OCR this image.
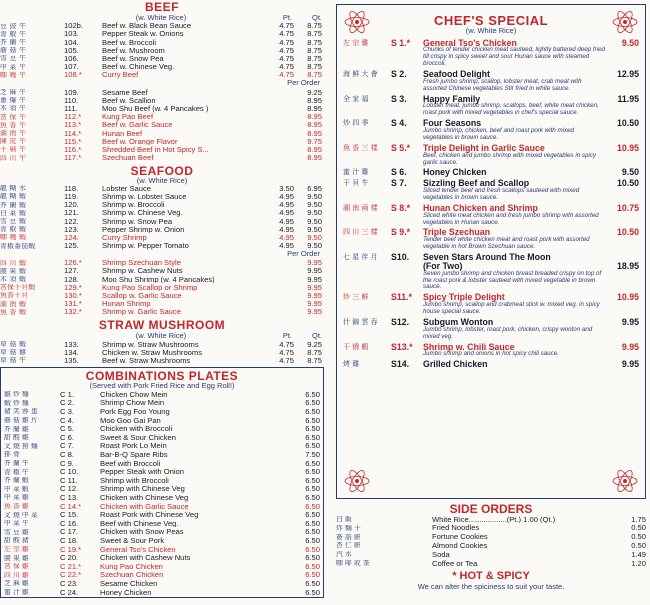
BEEF
(w. White Rice)	Pt.	Qt.
豆 豉 牛	102b.	Beef w. Black Bean Sauce	4.75	8.75
青 椒 牛	103.	Pepper Steak w. Onions	4.75	8.75
芥 蘭 牛	104.	Beef w. Broccoli	4.75	8.75
蘑 菇 牛	105.	Beef w. Mushroom	4.75	8.75
雪 豆 牛	106.	Beef w. Snow Pea	4.75	8.75
中 菜 牛	107.	Beef w. Chinese Veg.	4.75	8.75
咖 喱 牛	108.*	Curry Beef	4.75	8.75
Per Order
芝 麻 牛	109.	Sesame Beef	9.25
蔥 爆 牛	110.	Beef w. Scallion	8.95
木 須 牛	111.	Moo Shu Beef (w. 4 Pancakes )	8.95
宮 保 牛	112.*	Kung Pao Beef	8.95
魚 香 牛	113.*	Beef w. Garlic Sauce	8.95
湖 南 牛	114.*	Hunan Beef	8.95
陳 皮 牛	115.*	Beef w. Orange Flavor	9.75
干 扁 牛	116.*	Shredded Beef in Hot Spicy S...	8.95
四 川 牛	117.*	Szechuan Beef	8.95
SEAFOOD
(w. White Rice)
龍 糊 水	118.	Lobster Sauce	3.50	6.95
龍 糊 蝦	119.	Shrimp w. Lobster Sauce	4.95	9.50
芥 蘭 蝦	120.	Shrimp w. Broccoli	4.95	9.50
白 菜 蝦	121.	Shrimp w. Chinese Veg.	4.95	9.50
雪 豆 蝦	122.	Shrimp w. Snow Pea	4.95	9.50
青 椒 蝦	123.	Pepper Shrimp w. Onion	4.95	9.50
咖 喱 蝦	124.	Curry Shrimp	4.95	9.50
青椒番茄蝦	125.	Shrimp w. Pepper Tomato	4.95	9.50
Per Order
四 川 蝦	126.*	Shrimp Szechuan Style	9.95
腰 果 蝦	127.	Shrimp w. Cashew Nuts	9.95
木 須 蝦	128.	Moo Shu Shrimp (w. 4 Pancakes)	9.95
宮保干貝蝦	129.*	Kung Pao Scallop or Shrimp	9.95
魚香干貝	130.*	Scallop w. Garlic Sauce	9.95
湖 南 蝦	131.*	Hunan Shrimp	9.95
魚 香 蝦	132.*	Shrimp w. Garlic Sauce	9.95
STRAW MUSHROOM
(w. White Rice)	Pt.	Qt.
草 菇 蝦	133.	Shrimp w. Straw Mushrooms	4.75	9.25
草 菇 雞	134.	Chicken w. Straw Mushrooms	4.75	8.75
草 菇 牛	135.	Beef w. Straw Mushrooms	4.75	8.75
COMBINATIONS PLATES
(Served with Pork Fried Rice and Egg Roll!)
雞 炒 麵	C 1.	Chicken Chow Mein	6.50
蝦 炒 麵	C 2.	Shrimp Chow Mein	6.50
豬 芙 蓉 蛋	C 3.	Pork Egg Foo Young	6.50
蘑 菇 雞 片	C 4.	Moo Goo Gai Pan	6.50
芥 蘭 雞	C 5.	Chicken with Broccoli	6.50
甜 酸 雞	C 6.	Sweet & Sour Chicken	6.50
叉 燒 撈 麵	C 7.	Roast Pork Lo Mein	6.50
排 骨	C 8.	Bar-B-Q Spare Ribs	7.50
芥 蘭 牛	C 9.	Beef with Broccoli	6.50
青 椒 牛	C 10.	Pepper Steak with Onion	6.50
芥 蘭 蝦	C 11.	Shrimp with Broccoli	6.50
中 菜 蝦	C 12.	Shrimp with Chinese Veg	6.50
中 菜 雞	C 13.	Chicken with Chinese Veg	6.50
魚 香 雞	C 14.*	Chicken with Garlic Sauce	6.50
叉 燒 中 菜	C 15.	Roast Pork with Chinese Veg	6.50
中 菜 牛	C 16.	Beef with Chinese Veg.	6.50
雪 豆 雞	C 17.	Chicken with Snow Peas	6.50
甜 酸 豬	C 18.	Sweet & Sour Pork	6.50
左 宗 雞	C 19.*	General Tso's Chicken	6.50
腰 果 雞	C 20.	Chicken with Cashew Nuts	6.50
宮 保 雞	C 21.*	Kung Pao Chicken	6.50
四 川 雞	C 22.*	Szechuan Chicken	6.50
芝 麻 雞	C 23.	Sesame Chicken	6.50
蜜 汁 雞	C 24.	Honey Chicken	6.50
CHEF'S SPECIAL
(w. White Rice)
左 宗 雞	S 1.*	General Tso's Chicken	9.50
Chunks of tender chicken meat sauteed, lightly battered deep fried till crispy in spicy sweet and sour Hunan sauce with steamed broccoli.
海 鮮 大 會	S 2.	Seafood Delight	12.95
Fresh jumbo shrimp, scallop, lobster meat, crab meat with assorted Chinese vegetables Stir fried in white sauce.
全 家 福	S 3.	Happy Family	11.95
Lobster meat, jumbo shrimp, scallops, beef, white meat chicken, roast pork with mixed vegetables in chef's special sauce.
炒 四 季	S 4.	Four Seasons	10.50
Jumbo shrimp, chicken, beef and roast pork with mixed vegetables in brown sauce.
魚 香 三 樣	S 5.*	Triple Delight in Garlic Sauce	10.95
Beef, chicken and jumbo shrimp with mixed vegetables in spicy garlic sauce.
蜜 汁 雞	S 6.	Honey Chicken	9.50
干 貝 牛	S 7.	Sizzling Beef and Scallop	10.50
Sliced tender beef and fresh scallops sauteed with mixed vegetables in brown sauce.
湖 南 兩 樣	S 8.*	Hunan Chicken and Shrimp	10.75
Sliced white meat chicken and fresh jumbo shrimp with assorted vegetables in Hunan sauce.
四 川 三 樣	S 9.*	Triple Szechuan	10.50
Tender beef white chicken meat and roast pork with assorted vegetable in hot Brown Szechuan sauce.
七 星 伴 月	S10.	Seven Stars Around The Moon
(For Two)	18.95
Seven jumbo shrimp and chicken breast breaded crispy on top of the roast pork & lobster sauteed with mixed vegetable in brown sauce.
炒 三 鮮	S11.*	Spicy Triple Delight	10.95
Jumbo shrimp, scallop and crabmeat stick w. mixed veg. in spicy house special sauce.
什 錦 雲 吞	S12.	Subgum Wonton	9.95
Jumbo shrimp, lobster, roast pork, chicken, crispy wonton and mixed veg.
干 燒 蝦	S13.*	Shrimp w. Chili Sauce	9.95
Jumbo shrimp and onions in hot spicy chili sauce.
烤 雞	S14.	Grilled Chicken	9.95
SIDE ORDERS
白 飯	White Rice..................(Pt.) 1.00 (Qt.)	1.75
炸 麵 干	Fried Noodles	0.50
簽 語 餅	Fortune Cookies	0.50
杏 仁 餅	Almond Cookies	0.50
汽 水	Soda	1.49
咖 啡 或 茶	Coffee or Tea	1.20
* HOT & SPICY
We can alter the spiciness to suit your taste.
